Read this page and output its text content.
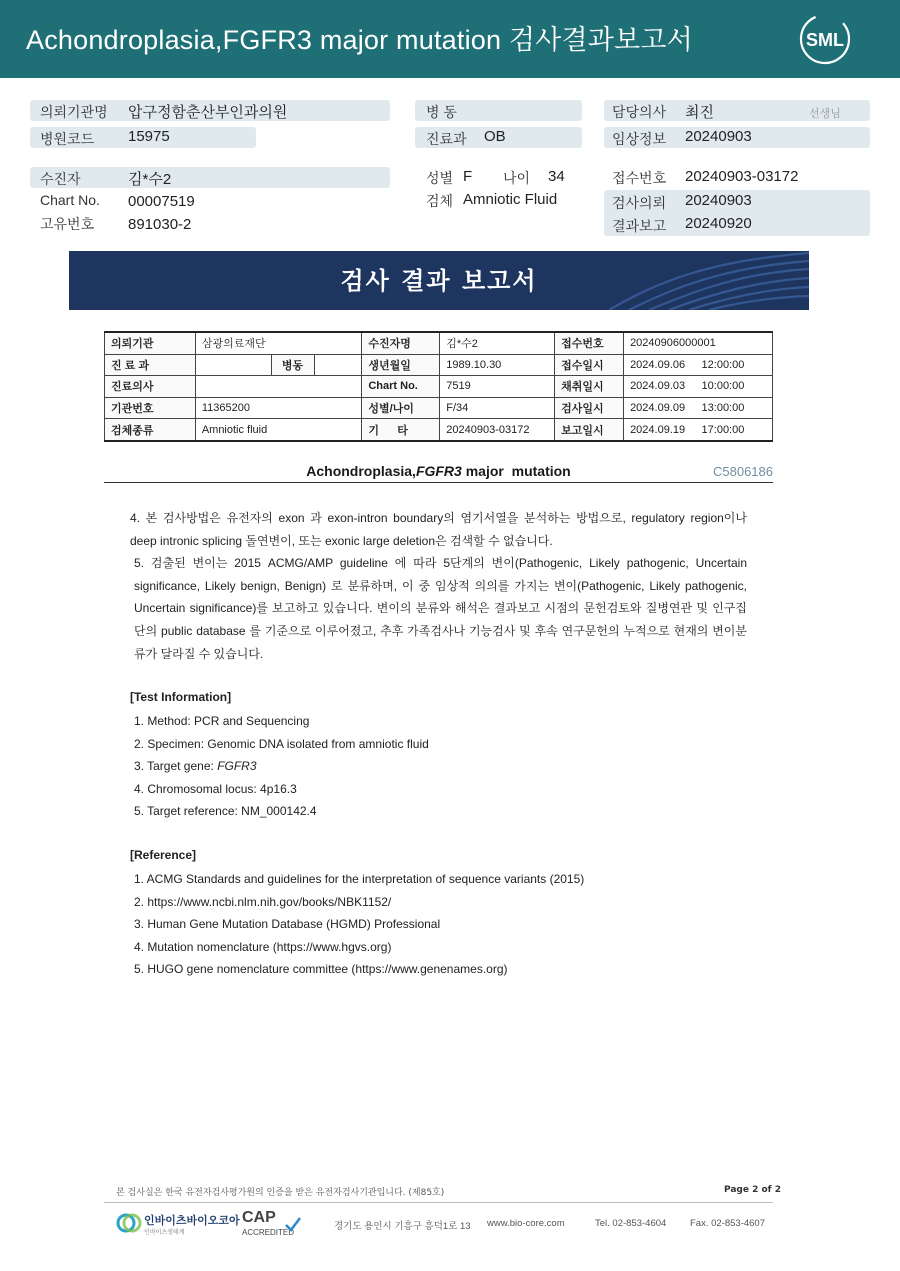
Achondroplasia,FGFR3 major mutation 검사결과보고서	SML
의뢰기관명 압구정함춘산부인과의원
병원코드 15975
수진자	김*수2
Chart No. 00007519
고유번호 891030-2
병 동
진료과 OB
성별 F 나이 34
검체 Amniotic Fluid
담당의사 최진	선생님
임상정보 20240903
접수번호 20240903-03172
검사의뢰 20240903
결과보고 20240920
검사 결과 보고서
의뢰기관	삼광의료재단			수진자명	김*수2	접수번호	20240906000001	
진 료 과		병동		생년월일	1989.10.30	접수일시	2024.09.06	12:00:00
진료의사				Chart No.	7519	채취일시	2024.09.03	10:00:00
기관번호	11365200			성별/나이	F/34	검사일시	2024.09.09	13:00:00
검체종류	Amniotic fluid			기      타	20240903-03172	보고일시	2024.09.19	17:00:00
Achondroplasia,FGFR3 major  mutation	C5806186

4. 본 검사방법은 유전자의 exon 과 exon-intron boundary의 염기서열을 분석하는 방법으로, regulatory region이나 deep intronic splicing 돌연변이, 또는 exonic large deletion은 검색할 수 없습니다.

5. 검출된 변이는 2015 ACMG/AMP guideline 에 따라 5단계의 변이(Pathogenic, Likely pathogenic, Uncertain significance, Likely benign, Benign) 로 분류하며, 이 중 임상적 의의를 가지는 변이(Pathogenic, Likely pathogenic, Uncertain significance)를 보고하고 있습니다. 변이의 분류와 해석은 결과보고 시점의 문헌검토와 질병연관 및 인구집단의 public database 를 기준으로 이루어졌고, 추후 가족검사나 기능검사 및 후속 연구문헌의 누적으로 현재의 변이분류가 달라질 수 있습니다.

[Test Information]
1. Method: PCR and Sequencing
2. Specimen: Genomic DNA isolated from amniotic fluid
3. Target gene: FGFR3
4. Chromosomal locus: 4p16.3
5. Target reference: NM_000142.4
[Reference]
1. ACMG Standards and guidelines for the interpretation of sequence variants (2015)
2. https://www.ncbi.nlm.nih.gov/books/NBK1152/
3. Human Gene Mutation Database (HGMD) Professional
4. Mutation nomenclature (https://www.hgvs.org)
5. HUGO gene nomenclature committee (https://www.genenames.org)
본 검사실은 한국 유전자검사평가원의 인증을 받은 유전자검사기관입니다. (제85호)	Page 2 of 2
인바이츠바이오코아
인바이츠생태계
CAP
ACCREDITED
경기도 용인시 기흥구 흥덕1로 13 www.bio-core.com	Tel. 02-853-4604 Fax. 02-853-4607
